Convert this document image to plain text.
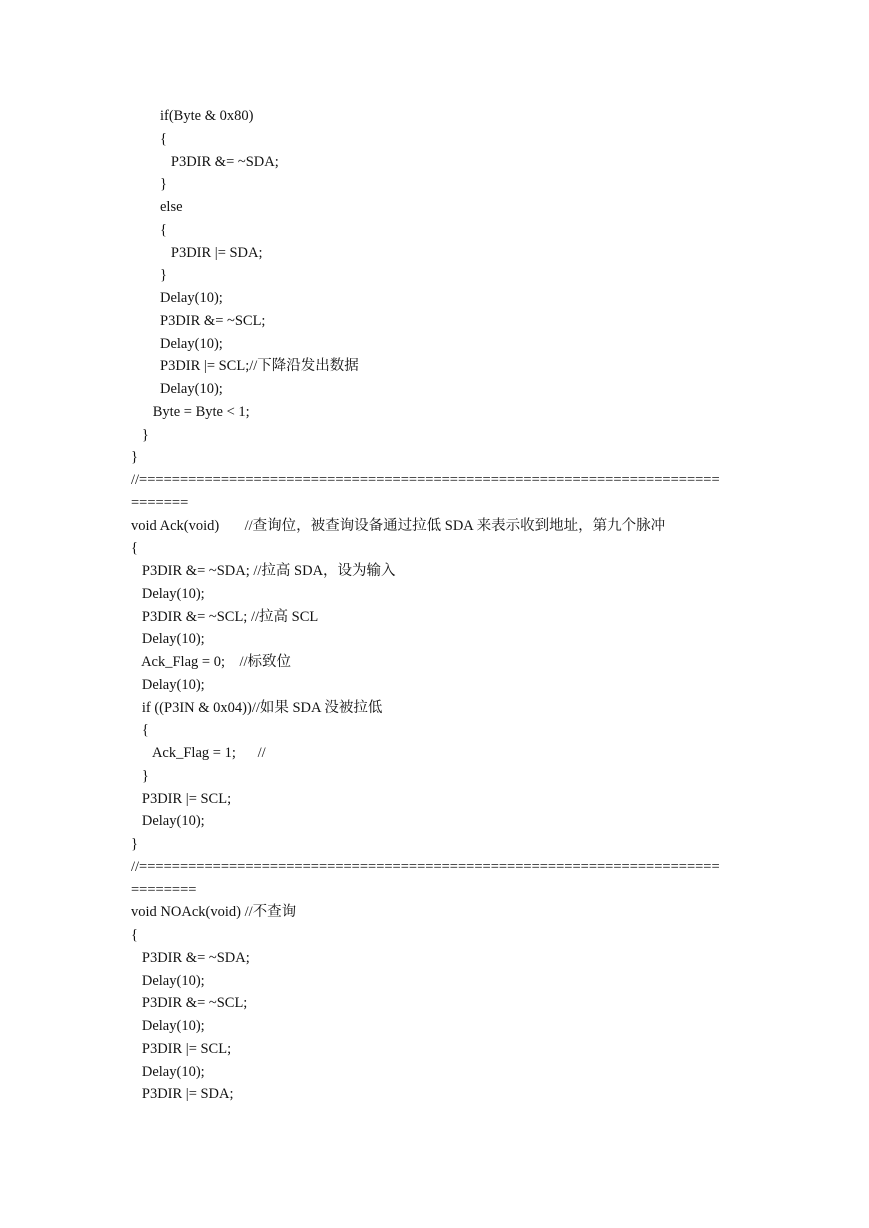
if(Byte & 0x80)
{
P3DIR &= ~SDA;
}
else
{
P3DIR |= SDA;
}
Delay(10);
P3DIR &= ~SCL;
Delay(10);
P3DIR |= SCL;//下降沿发出数据
Delay(10);
Byte = Byte < 1;
}
}
//=======================================================================
=======
void Ack(void)       //查询位，被查询设备通过拉低 SDA 来表示收到地址，第九个脉冲
{
P3DIR &= ~SDA; //拉高 SDA，设为输入
Delay(10);
P3DIR &= ~SCL; //拉高 SCL
Delay(10);
Ack_Flag = 0;    //标致位
Delay(10);
if ((P3IN & 0x04))//如果 SDA 没被拉低
{
Ack_Flag = 1;      //
}
P3DIR |= SCL;
Delay(10);
}
//=======================================================================
========
void NOAck(void) //不查询
{
P3DIR &= ~SDA;
Delay(10);
P3DIR &= ~SCL;
Delay(10);
P3DIR |= SCL;
Delay(10);
P3DIR |= SDA;
